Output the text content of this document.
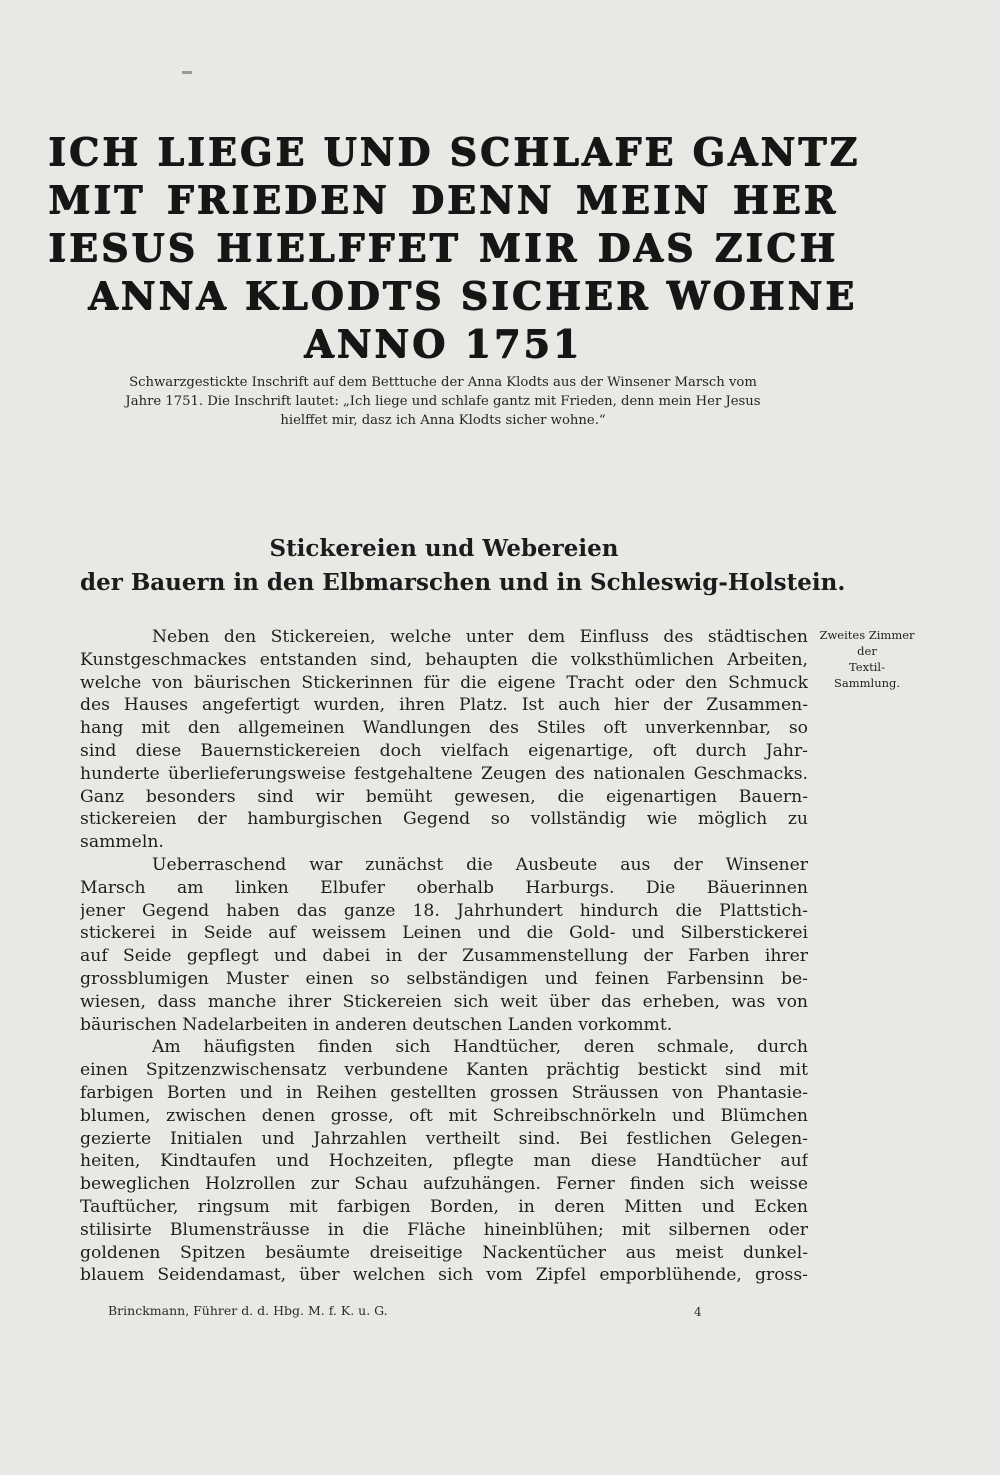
ICH LIEGE UND SCHLAFE GANTZ

MIT FRIEDEN DENN MEIN HER

IESUS HIELFFET MIR DAS ZICH

ANNA KLODTS SICHER WOHNE

ANNO 1751

Schwarzgestickte Inschrift auf dem Betttuche der Anna Klodts aus der Winsener Marsch vom
Jahre 1751. Die Inschrift lautet: „Ich liege und schlafe gantz mit Frieden, denn mein Her Jesus
hielffet mir, dasz ich Anna Klodts sicher wohne.“

Stickereien und Webereien
der Bauern in den Elbmarschen und in Schleswig-Holstein.
Zweites Zimmer
der
Textil-
Sammlung.
Neben den Stickereien, welche unter dem Einfluss des städtischen
Kunstgeschmackes entstanden sind, behaupten die volksthümlichen Arbeiten,
welche von bäurischen Stickerinnen für die eigene Tracht oder den Schmuck
des Hauses angefertigt wurden, ihren Platz. Ist auch hier der Zusammen-
hang mit den allgemeinen Wandlungen des Stiles oft unverkennbar, so
sind diese Bauernstickereien doch vielfach eigenartige, oft durch Jahr-
hunderte überlieferungsweise festgehaltene Zeugen des nationalen Geschmacks.
Ganz besonders sind wir bemüht gewesen, die eigenartigen Bauern-
stickereien der hamburgischen Gegend so vollständig wie möglich zu
sammeln.
Ueberraschend war zunächst die Ausbeute aus der Winsener
Marsch am linken Elbufer oberhalb Harburgs. Die Bäuerinnen
jener Gegend haben das ganze 18. Jahrhundert hindurch die Plattstich-
stickerei in Seide auf weissem Leinen und die Gold- und Silberstickerei
auf Seide gepflegt und dabei in der Zusammenstellung der Farben ihrer
grossblumigen Muster einen so selbständigen und feinen Farbensinn be-
wiesen, dass manche ihrer Stickereien sich weit über das erheben, was von
bäurischen Nadelarbeiten in anderen deutschen Landen vorkommt.
Am häufigsten finden sich Handtücher, deren schmale, durch
einen Spitzenzwischensatz verbundene Kanten prächtig bestickt sind mit
farbigen Borten und in Reihen gestellten grossen Sträussen von Phantasie-
blumen, zwischen denen grosse, oft mit Schreibschnörkeln und Blümchen
gezierte Initialen und Jahrzahlen vertheilt sind. Bei festlichen Gelegen-
heiten, Kindtaufen und Hochzeiten, pflegte man diese Handtücher auf
beweglichen Holzrollen zur Schau aufzuhängen. Ferner finden sich weisse
Tauftücher, ringsum mit farbigen Borden, in deren Mitten und Ecken
stilisirte Blumensträusse in die Fläche hineinblühen; mit silbernen oder
goldenen Spitzen besäumte dreiseitige Nackentücher aus meist dunkel-
blauem Seidendamast, über welchen sich vom Zipfel emporblühende, gross-
Brinckmann, Führer d. d. Hbg. M. f. K. u. G.	4
